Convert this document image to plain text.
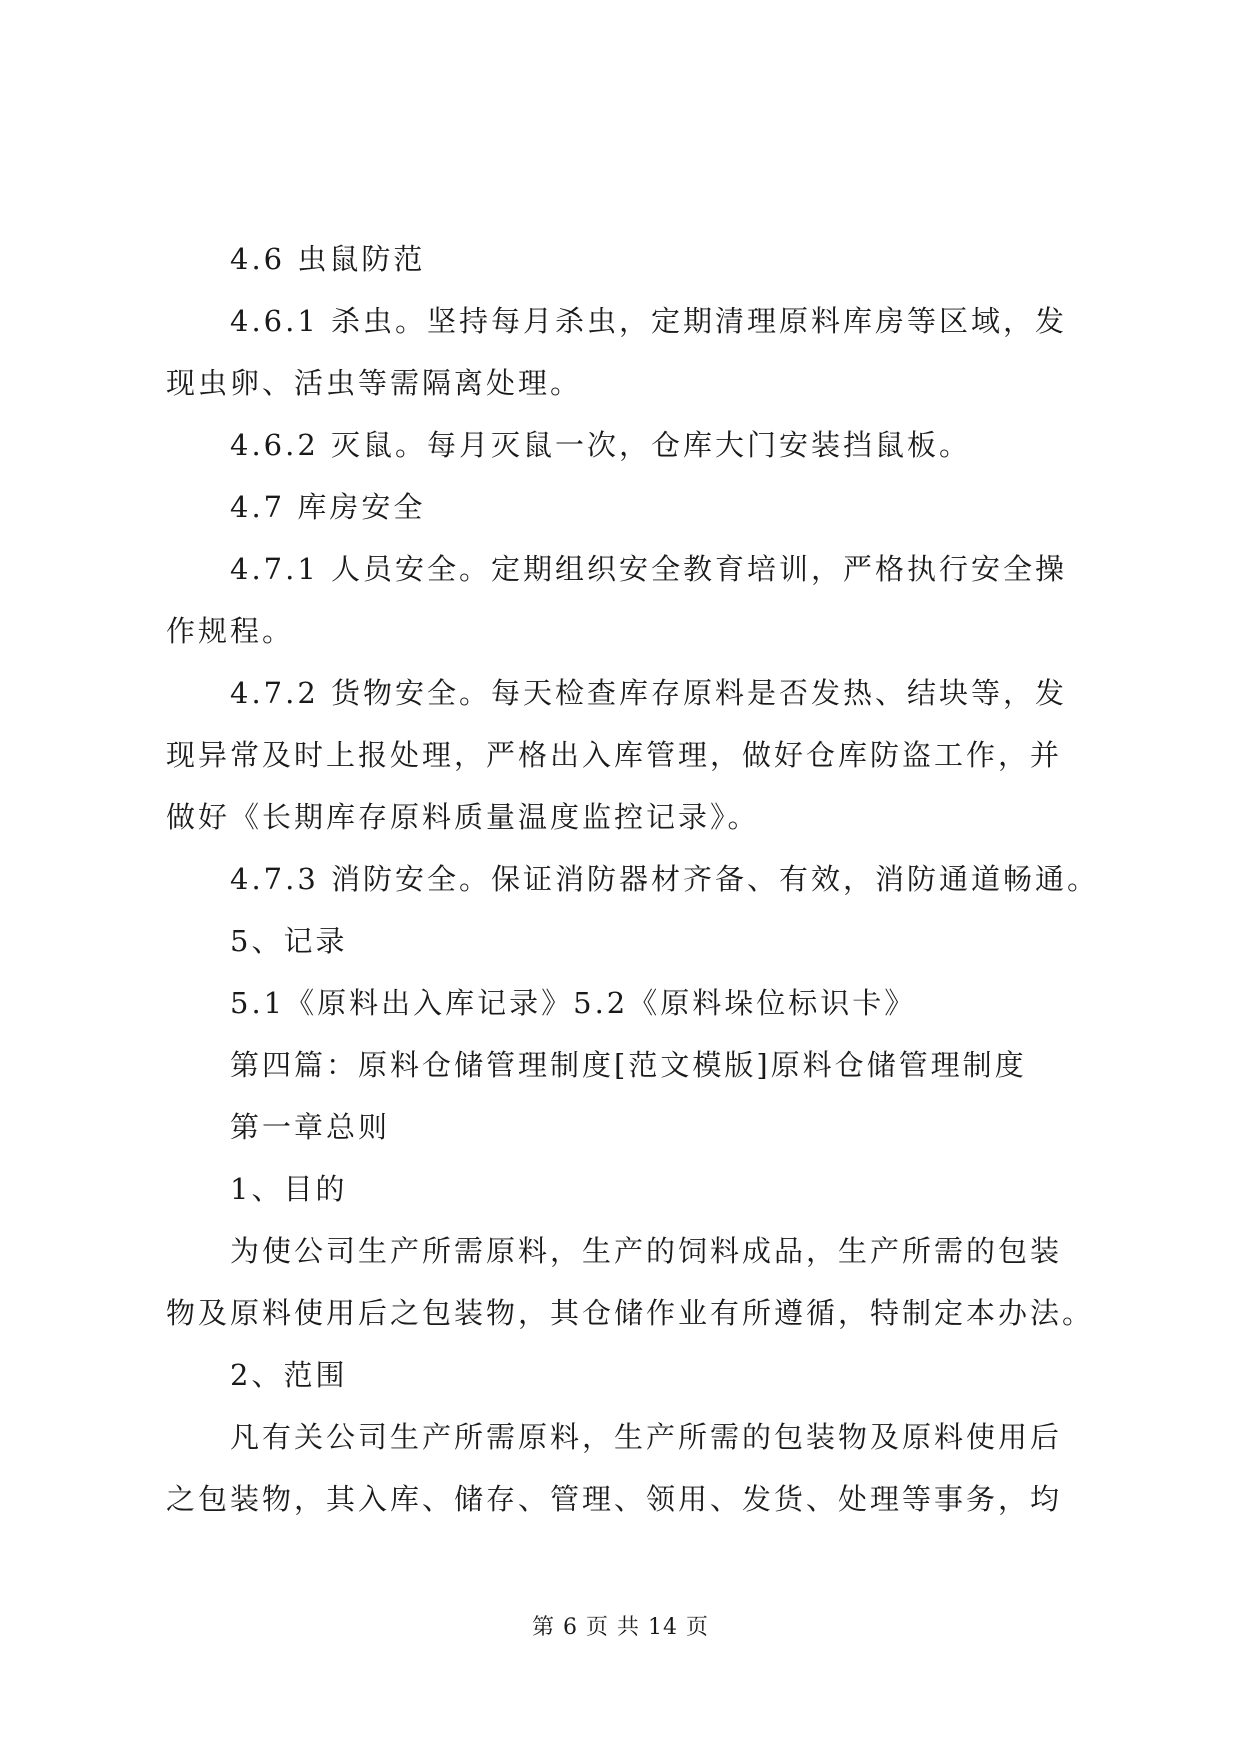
4.6 虫鼠防范
4.6.1 杀虫。坚持每月杀虫，定期清理原料库房等区域，发
现虫卵、活虫等需隔离处理。
4.6.2 灭鼠。每月灭鼠一次，仓库大门安装挡鼠板。
4.7 库房安全
4.7.1 人员安全。定期组织安全教育培训，严格执行安全操
作规程。
4.7.2 货物安全。每天检查库存原料是否发热、结块等，发
现异常及时上报处理，严格出入库管理，做好仓库防盗工作，并
做好《长期库存原料质量温度监控记录》。
4.7.3 消防安全。保证消防器材齐备、有效，消防通道畅通。
5、记录
5.1《原料出入库记录》5.2《原料垛位标识卡》
第四篇：原料仓储管理制度[范文模版]原料仓储管理制度
第一章总则
1、目的
为使公司生产所需原料，生产的饲料成品，生产所需的包装
物及原料使用后之包装物，其仓储作业有所遵循，特制定本办法。
2、范围
凡有关公司生产所需原料，生产所需的包装物及原料使用后
之包装物，其入库、储存、管理、领用、发货、处理等事务，均
第 6 页 共 14 页
